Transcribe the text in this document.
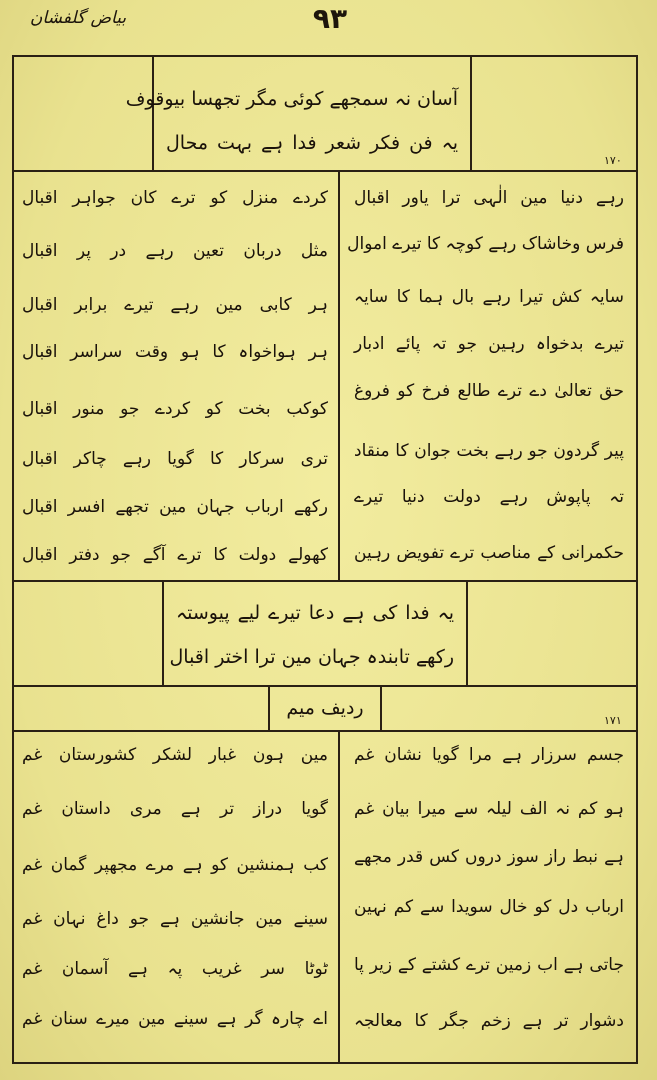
بیاض گلفشان	۹۳
آسان نہ سمجھے کوئی مگر تجھسا بیوقوف
یہ فن فکر شعر فدا ہے بہت محال
۱۷۰
رہے دنیا مین الٰہی ترا یاور اقبال
فرس وخاشاک رہے کوچہ کا تیرے اموال
سایہ کش تیرا رہے بال ہما کا سایہ
تیرے بدخواہ رہین جو تہ پائے ادبار
حق تعالیٰ دے ترے طالع فرخ کو فروغ
پیر گردون جو رہے بخت جوان کا منقاد
تہ پاپوش رہے دولت دنیا تیرے
حکمرانی کے مناصب ترے تفویض رہین
کردے منزل کو ترے کان جواہر اقبال
مثل دربان تعین رہے در پر اقبال
ہر کابی مین رہے تیرے برابر اقبال
ہر ہواخواہ کا ہو وقت سراسر اقبال
کوکب بخت کو کردے جو منور اقبال
تری سرکار کا گویا رہے چاکر اقبال
رکھے ارباب جہان مین تجھے افسر اقبال
کھولے دولت کا ترے آگے جو دفتر اقبال
یہ فدا کی ہے دعا تیرے لیے پیوستہ
رکھے تابندہ جہان مین ترا اختر اقبال
ردیف میم
۱۷۱
جسم سرزار ہے مرا گویا نشان غم
ہو کم نہ الف لیلہ سے میرا بیان غم
ہے نبط راز سوز دروں کس قدر مجھے
ارباب دل کو خال سویدا سے کم نہین
جاتی ہے اب زمین ترے کشتے کے زیر پا
دشوار تر ہے زخم جگر کا معالجہ
مین ہون غبار لشکر کشورستان غم
گویا دراز تر ہے مری داستان غم
کب ہمنشین کو ہے مرے مجھپر گمان غم
سینے مین جانشین ہے جو داغ نہان غم
ٹوٹا سر غریب پہ ہے آسمان غم
اے چارہ گر ہے سینے مین میرے سنان غم
